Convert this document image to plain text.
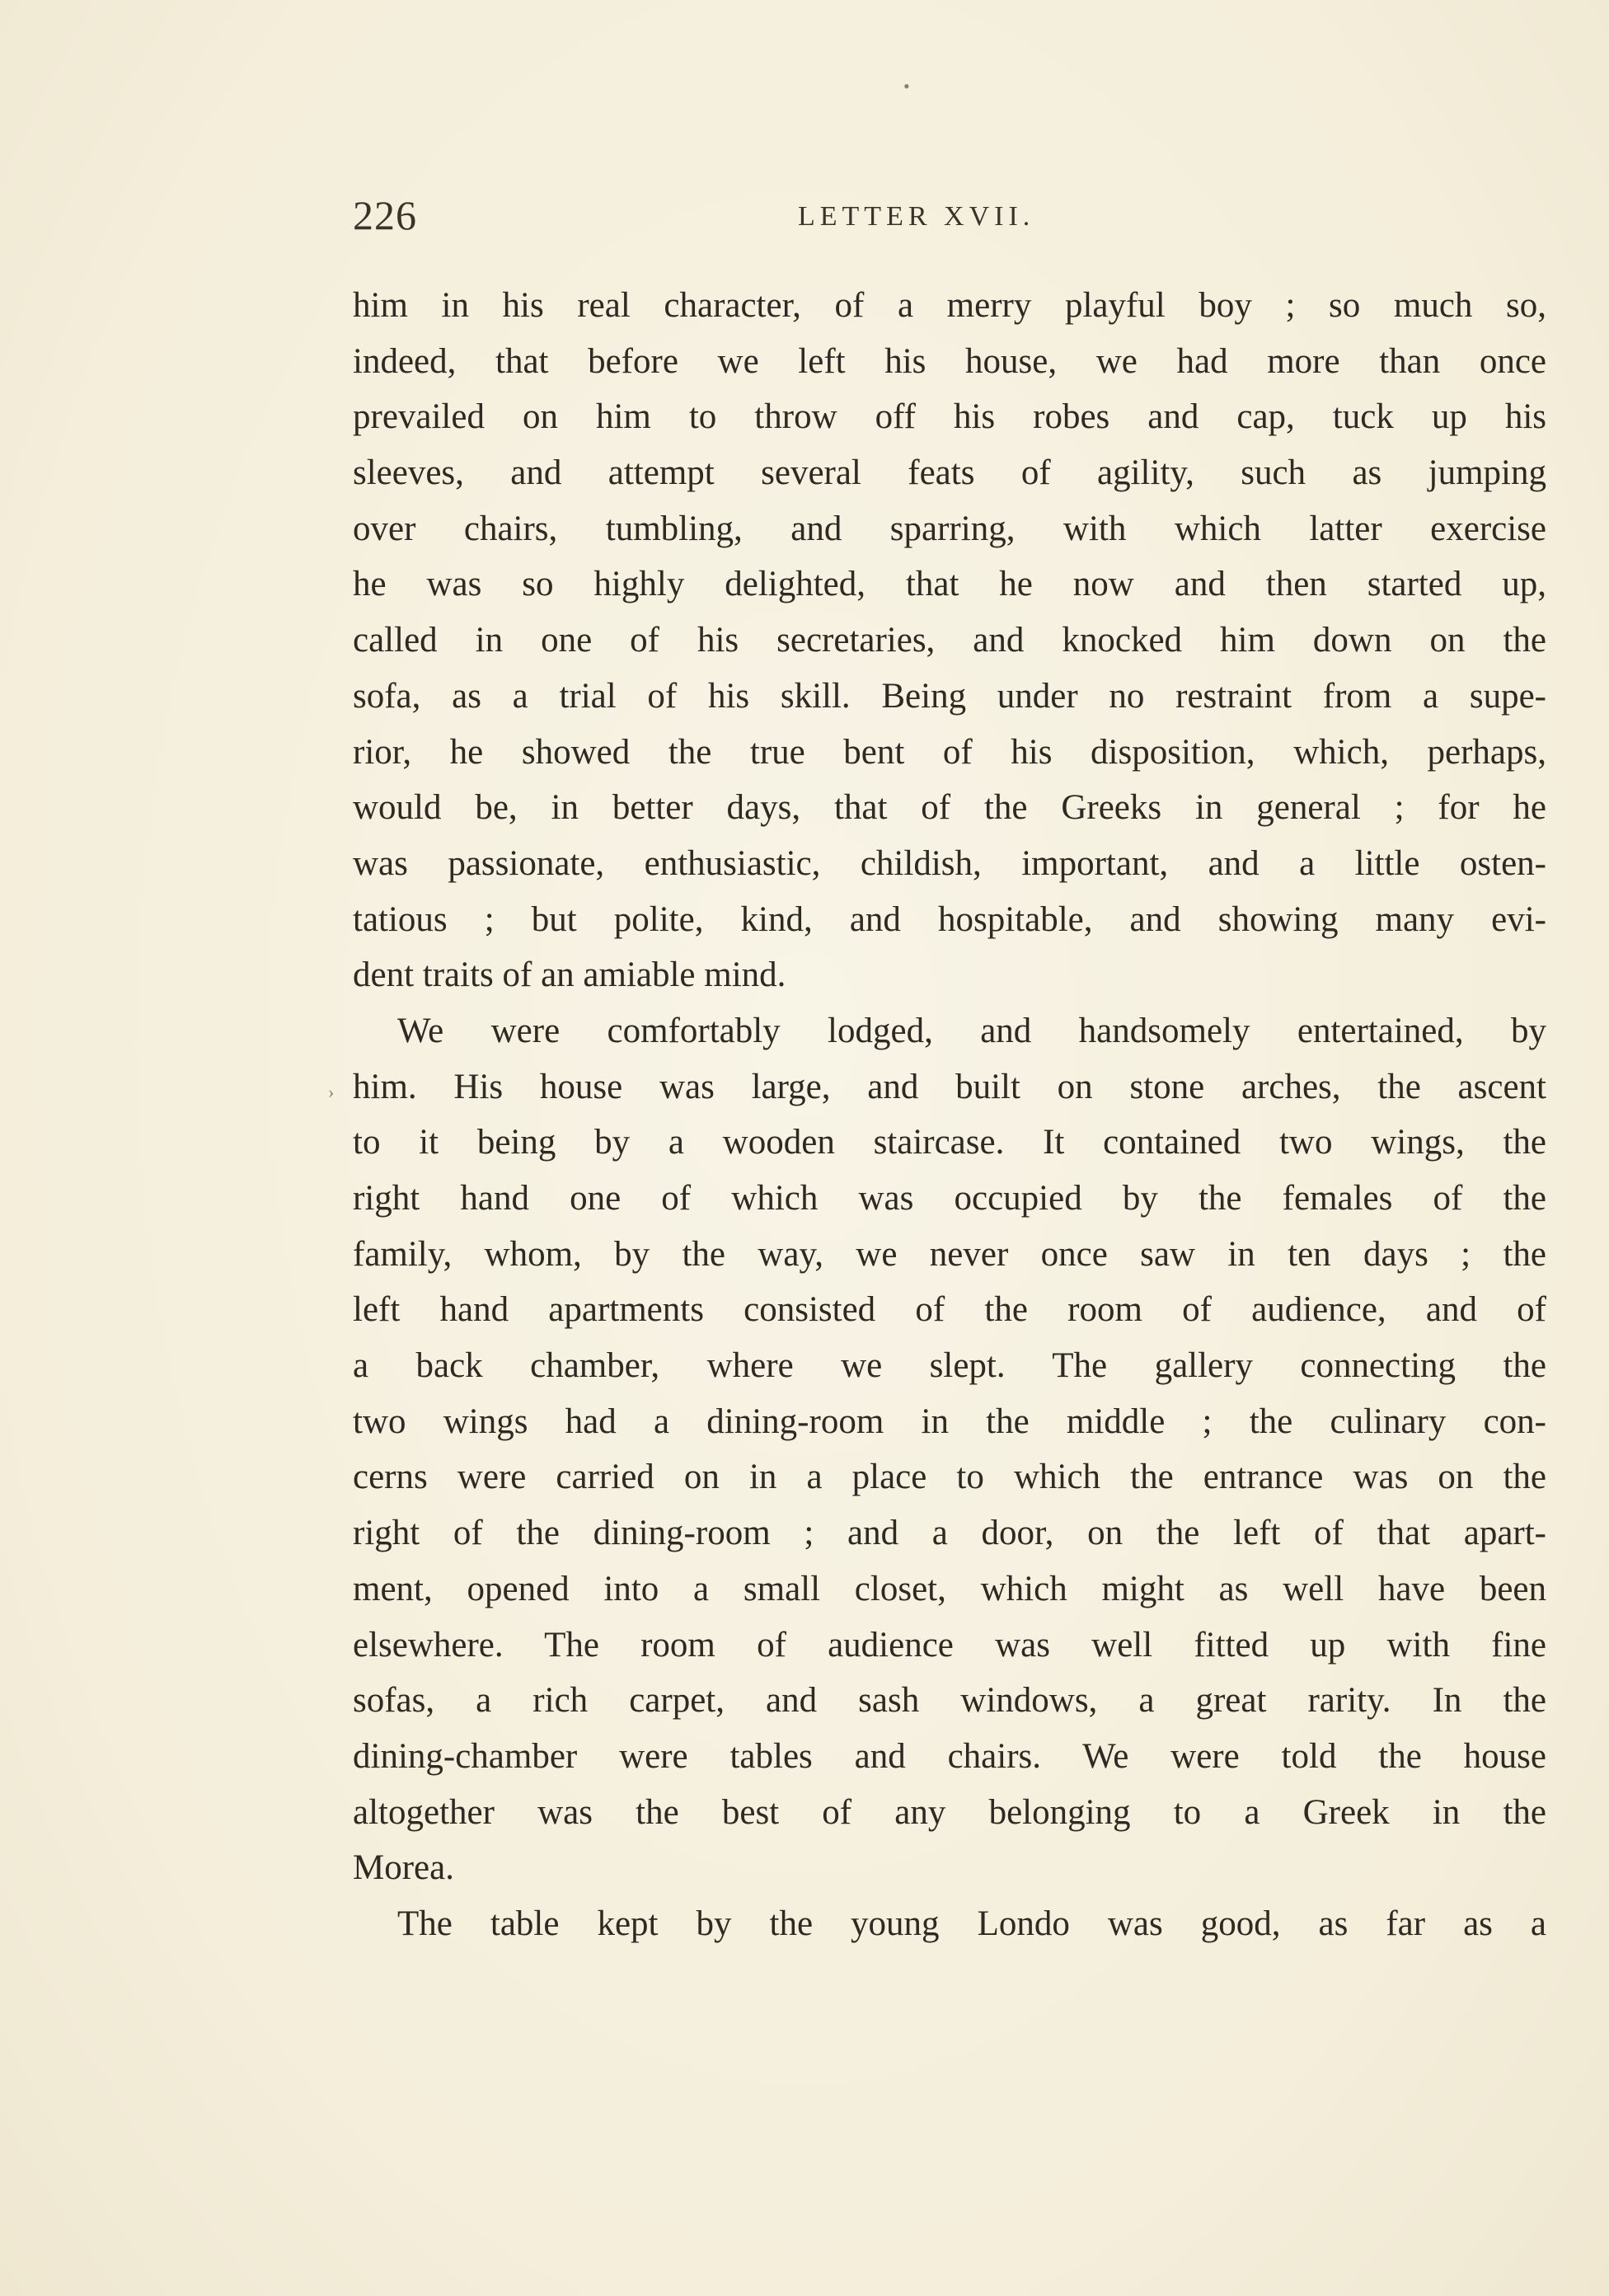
•
›
226	LETTER XVII.
him in his real character, of a merry playful boy ; so much so,
indeed, that before we left his house, we had more than once
prevailed on him to throw off his robes and cap, tuck up his
sleeves, and attempt several feats of agility, such as jumping
over chairs, tumbling, and sparring, with which latter exercise
he was so highly delighted, that he now and then started up,
called in one of his secretaries, and knocked him down on the
sofa, as a trial of his skill. Being under no restraint from a supe-
rior, he showed the true bent of his disposition, which, perhaps,
would be, in better days, that of the Greeks in general ; for he
was passionate, enthusiastic, childish, important, and a little osten-
tatious ; but polite, kind, and hospitable, and showing many evi-
dent traits of an amiable mind.
We were comfortably lodged, and handsomely entertained, by
him. His house was large, and built on stone arches, the ascent
to it being by a wooden staircase. It contained two wings, the
right hand one of which was occupied by the females of the
family, whom, by the way, we never once saw in ten days ; the
left hand apartments consisted of the room of audience, and of
a back chamber, where we slept. The gallery connecting the
two wings had a dining-room in the middle ; the culinary con-
cerns were carried on in a place to which the entrance was on the
right of the dining-room ; and a door, on the left of that apart-
ment, opened into a small closet, which might as well have been
elsewhere. The room of audience was well fitted up with fine
sofas, a rich carpet, and sash windows, a great rarity. In the
dining-chamber were tables and chairs. We were told the house
altogether was the best of any belonging to a Greek in the
Morea.
The table kept by the young Londo was good, as far as a
